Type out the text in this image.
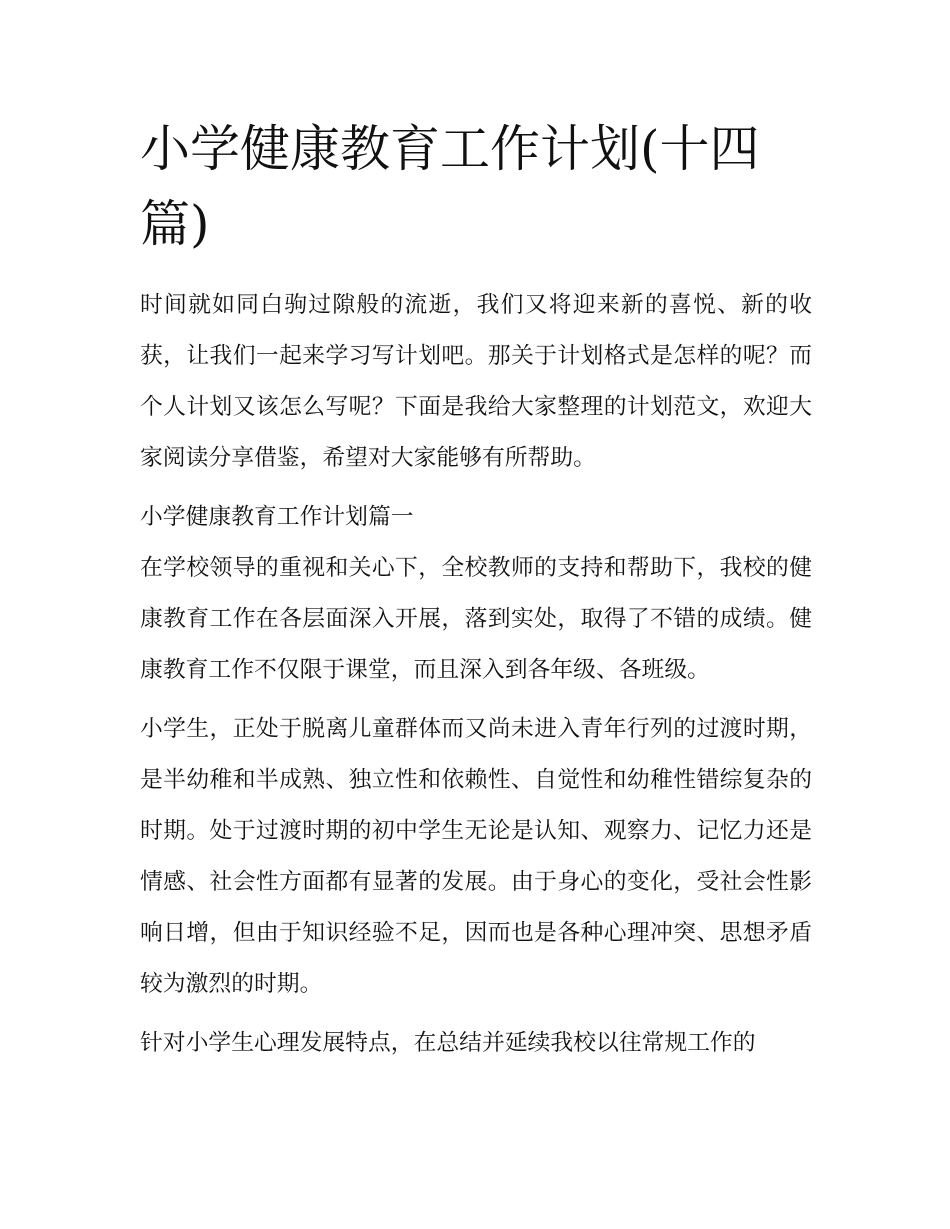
小学健康教育工作计划(十四篇)

时间就如同白驹过隙般的流逝，我们又将迎来新的喜悦、新的收获，让我们一起来学习写计划吧。那关于计划格式是怎样的呢？而个人计划又该怎么写呢？下面是我给大家整理的计划范文，欢迎大家阅读分享借鉴，希望对大家能够有所帮助。

小学健康教育工作计划篇一

在学校领导的重视和关心下，全校教师的支持和帮助下，我校的健康教育工作在各层面深入开展，落到实处，取得了不错的成绩。健康教育工作不仅限于课堂，而且深入到各年级、各班级。

小学生，正处于脱离儿童群体而又尚未进入青年行列的过渡时期，是半幼稚和半成熟、独立性和依赖性、自觉性和幼稚性错综复杂的时期。处于过渡时期的初中学生无论是认知、观察力、记忆力还是情感、社会性方面都有显著的发展。由于身心的变化，受社会性影响日增，但由于知识经验不足，因而也是各种心理冲突、思想矛盾较为激烈的时期。

针对小学生心理发展特点，在总结并延续我校以往常规工作的
